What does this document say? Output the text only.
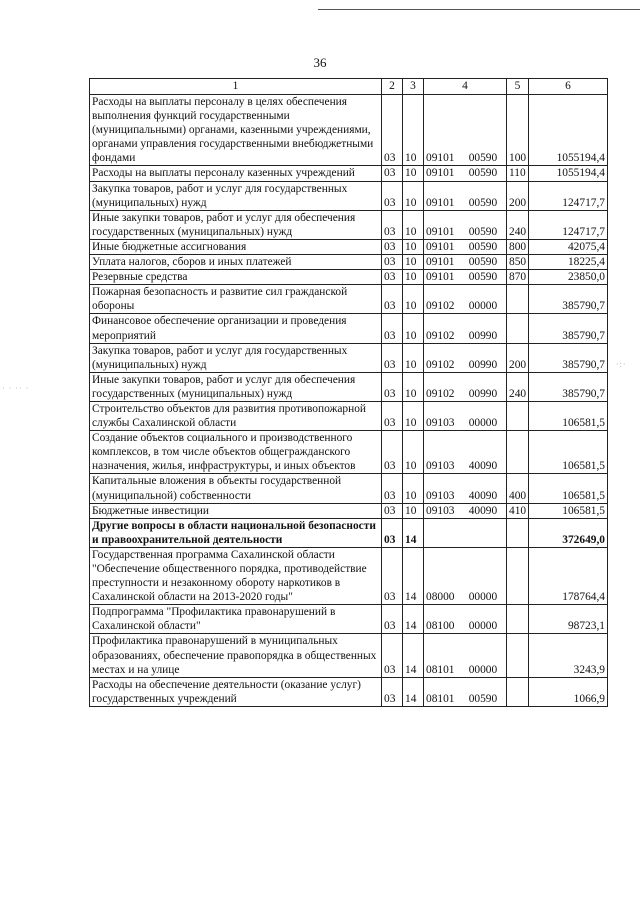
36
· · ·· ·
·:·
1	2	3	4	5	6
Расходы на выплаты персоналу в целях обеспечения выполнения функций государственными (муниципальными) органами, казенными учреждениями, органами управления государственными внебюджетными фондами	03	10	09101     00590	100	1055194,4
Расходы на выплаты персоналу казенных учреждений	03	10	09101     00590	110	1055194,4
Закупка товаров, работ и услуг для государственных (муниципальных) нужд	03	10	09101     00590	200	124717,7
Иные закупки товаров, работ и услуг для обеспечения государственных (муниципальных) нужд	03	10	09101     00590	240	124717,7
Иные бюджетные ассигнования	03	10	09101     00590	800	42075,4
Уплата налогов, сборов и иных платежей	03	10	09101     00590	850	18225,4
Резервные средства	03	10	09101     00590	870	23850,0
Пожарная безопасность и развитие сил гражданской обороны	03	10	09102     00000		385790,7
Финансовое обеспечение организации и проведения мероприятий	03	10	09102     00990		385790,7
Закупка товаров, работ и услуг для государственных (муниципальных) нужд	03	10	09102     00990	200	385790,7
Иные закупки товаров, работ и услуг для обеспечения государственных (муниципальных) нужд	03	10	09102     00990	240	385790,7
Строительство объектов для развития противопожарной службы Сахалинской области	03	10	09103     00000		106581,5
Создание объектов социального и производственного комплексов, в том числе объектов общегражданского назначения, жилья, инфраструктуры, и иных объектов	03	10	09103     40090		106581,5
Капитальные вложения в объекты государственной (муниципальной) собственности	03	10	09103     40090	400	106581,5
Бюджетные инвестиции	03	10	09103     40090	410	106581,5
Другие вопросы в области национальной безопасности и правоохранительной деятельности	03	14			372649,0
Государственная программа Сахалинской области "Обеспечение общественного порядка, противодействие преступности и незаконному обороту наркотиков в Сахалинской области на 2013-2020 годы"	03	14	08000     00000		178764,4
Подпрограмма "Профилактика правонарушений в Сахалинской области"	03	14	08100     00000		98723,1
Профилактика правонарушений в муниципальных образованиях, обеспечение правопорядка в общественных местах и на улице	03	14	08101     00000		3243,9
Расходы на обеспечение деятельности (оказание услуг) государственных учреждений	03	14	08101     00590		1066,9
